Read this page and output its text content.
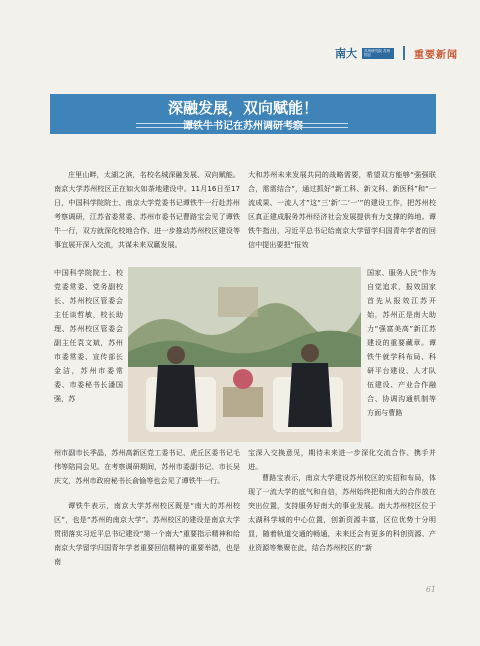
南大	苏州研究院 苏州园区	重要新闻
深融发展，双向赋能！
谭铁牛书记在苏州调研考察
庄里山畔，太湖之滨，名校名城深融发展、双向赋能。南京大学苏州校区正在如火如荼地建设中。11月16日至17日，中国科学院院士、南京大学党委书记谭铁牛一行赴苏州考察调研，江苏省委常委、苏州市委书记曹路宝会见了谭铁牛一行，双方就深化校地合作、进一步推动苏州校区建设等事宜展开深入交流，共谋未来双赢发展。
中国科学院院士、校党委常委、党务副校长、苏州校区管委会主任谈哲敏，校长助理、苏州校区管委会副主任袁文斌，苏州市委常委、宣传部长金洁，苏州市委常委、市委秘书长潘国强，苏
州市副市长季晶，苏州高新区党工委书记、虎丘区委书记毛伟等陪同会见。在考察调研期间，苏州市委副书记、市长吴庆文，苏州市政府秘书长俞愉等也会见了谭铁牛一行。
谭铁牛表示，南京大学苏州校区既是“南大的苏州校区”，也是“苏州的南京大学”。苏州校区的建设是南京大学贯彻落实习近平总书记建设“第一个南大”重要指示精神和给南京大学留学归国青年学者重要回信精神的重要举措，也是南
大和苏州未来发展共同的战略需要，希望双方能够“强强联合，需需结合”，通过抓好“新工科、新文科、新医科”和“一流成果、一流人才”这“三‘新’二‘一’”的建设工作，把苏州校区真正建成服务苏州经济社会发展提供有力支撑的阵地。谭铁牛指出，习近平总书记给南京大学留学归国青年学者的回信中提出要把“报效
国家、服务人民”作为自觉追求，报效国家首先从报效江苏开始，苏州正是南大助力“强富美高”新江苏建设的重要藏章。谭铁牛就学科布局、科研平台建设、人才队伍建设、产业合作融合、协调沟通机制等方面与曹路
宝深入交换意见，期待未来进一步深化交流合作、携手并进。
曹路宝表示，南京大学建设苏州校区的实招和布局，体现了一流大学的底气和自信，苏州始终把和南大的合作放在突出位置，支持服务好南大的事业发展。南大苏州校区位于太湖科学城的中心位置，创新资源丰富，区位优势十分明显，随着轨道交通的畅通，未来还会有更多的科创资源、产业资源等集聚在此，结合苏州校区的“新
61
